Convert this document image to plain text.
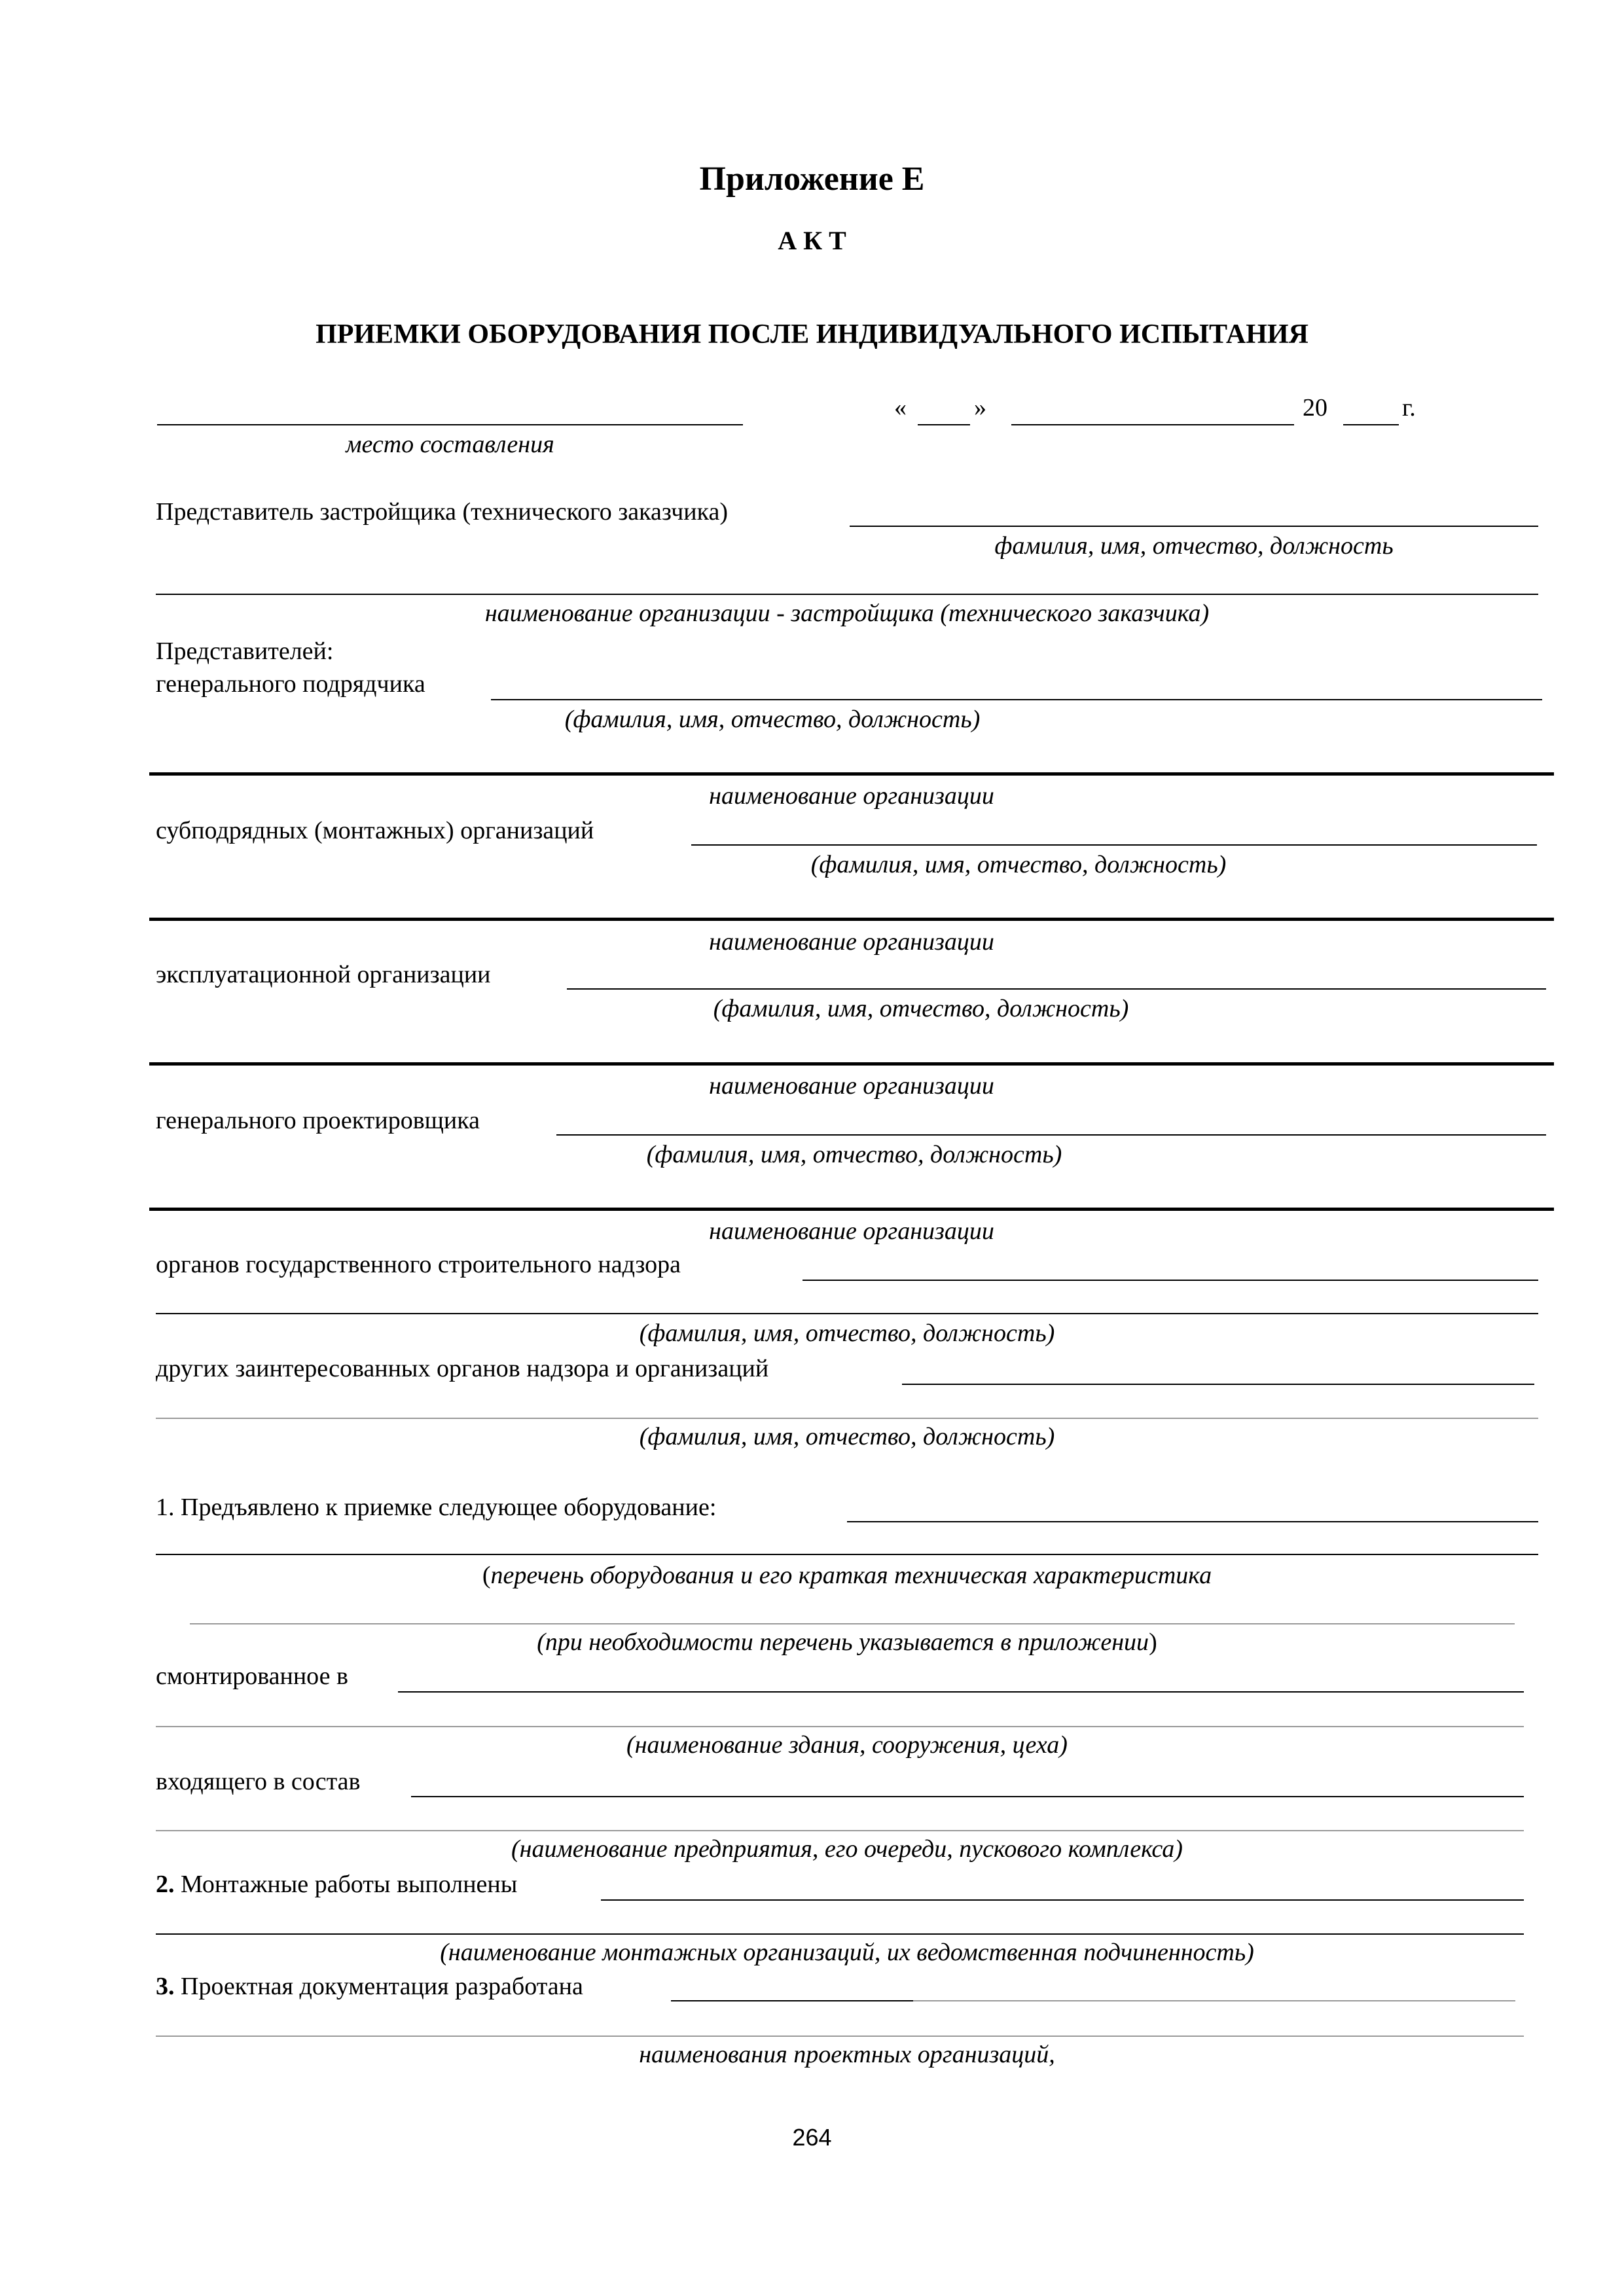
Приложение Е
А К Т
ПРИЕМКИ ОБОРУДОВАНИЯ ПОСЛЕ ИНДИВИДУАЛЬНОГО ИСПЫТАНИЯ
место составления
«	»	20	г.
Представитель застройщика (технического заказчика)
фамилия, имя, отчество, должность
наименование организации - застройщика (технического заказчика)
Представителей:
генерального подрядчика
(фамилия, имя, отчество, должность)
наименование организации
субподрядных (монтажных) организаций
(фамилия, имя, отчество, должность)
наименование организации
эксплуатационной организации
(фамилия, имя, отчество, должность)
наименование организации
генерального проектировщика
(фамилия, имя, отчество, должность)
наименование организации
органов государственного строительного надзора
(фамилия, имя, отчество, должность)
других заинтересованных органов надзора и организаций
(фамилия, имя, отчество, должность)
1. Предъявлено к приемке следующее оборудование:
(перечень оборудования и его краткая техническая характеристика
(при необходимости перечень указывается в приложении)
смонтированное в
(наименование здания, сооружения, цеха)
входящего в состав
(наименование предприятия, его очереди, пускового комплекса)
2. Монтажные работы выполнены
(наименование монтажных организаций, их ведомственная подчиненность)
3. Проектная документация разработана
наименования проектных организаций,
264
